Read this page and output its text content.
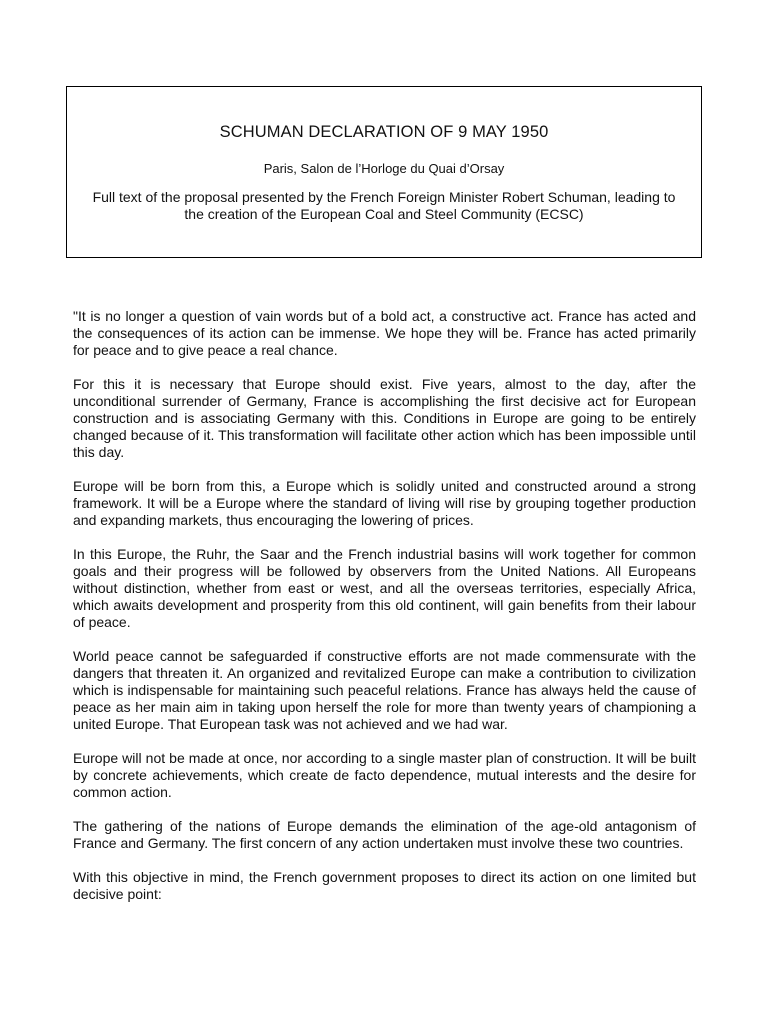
SCHUMAN DECLARATION OF 9 MAY 1950

Paris, Salon de l’Horloge du Quai d’Orsay

Full text of the proposal presented by the French Foreign Minister Robert Schuman, leading to the creation of the European Coal and Steel Community (ECSC)

"It is no longer a question of vain words but of a bold act, a constructive act. France has acted and the consequences of its action can be immense. We hope they will be. France has acted primarily for peace and to give peace a real chance.

For this it is necessary that Europe should exist. Five years, almost to the day, after the unconditional surrender of Germany, France is accomplishing the first decisive act for European construction and is associating Germany with this. Conditions in Europe are going to be entirely changed because of it. This transformation will facilitate other action which has been impossible until this day.

Europe will be born from this, a Europe which is solidly united and constructed around a strong framework. It will be a Europe where the standard of living will rise by grouping together production and expanding markets, thus encouraging the lowering of prices.

In this Europe, the Ruhr, the Saar and the French industrial basins will work together for common goals and their progress will be followed by observers from the United Nations. All Europeans without distinction, whether from east or west, and all the overseas territories, especially Africa, which awaits development and prosperity from this old continent, will gain benefits from their labour of peace.

World peace cannot be safeguarded if constructive efforts are not made commensurate with the dangers that threaten it. An organized and revitalized Europe can make a contribution to civilization which is indispensable for maintaining such peaceful relations. France has always held the cause of peace as her main aim in taking upon herself the role for more than twenty years of championing a united Europe. That European task was not achieved and we had war.

Europe will not be made at once, nor according to a single master plan of construction. It will be built by concrete achievements, which create de facto dependence, mutual interests and the desire for common action.

The gathering of the nations of Europe demands the elimination of the age-old antagonism of France and Germany. The first concern of any action undertaken must involve these two countries.

With this objective in mind, the French government proposes to direct its action on one limited but decisive point:
